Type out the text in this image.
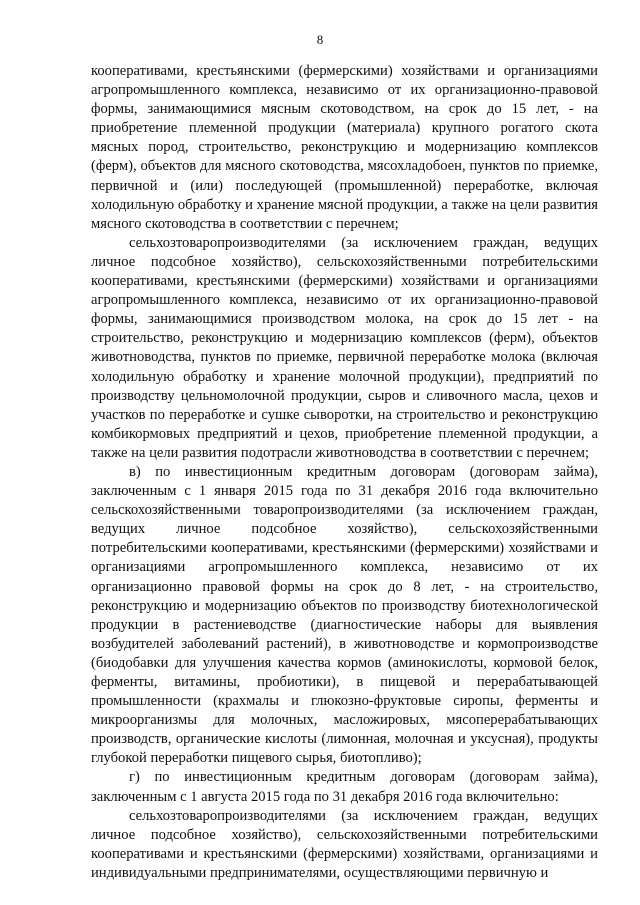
8

кооперативами, крестьянскими (фермерскими) хозяйствами и организациями агропромышленного комплекса, независимо от их организационно-правовой формы, занимающимися мясным скотоводством, на срок до 15 лет, - на приобретение племенной продукции (материала) крупного рогатого скота мясных пород, строительство, реконструкцию и модернизацию комплексов (ферм), объектов для мясного скотоводства, мясохладобоен, пунктов по приемке, первичной и (или) последующей (промышленной) переработке, включая холодильную обработку и хранение мясной продукции, а также на цели развития мясного скотоводства в соответствии с перечнем;

сельхозтоваропроизводителями (за исключением граждан, ведущих личное подсобное хозяйство), сельскохозяйственными потребительскими кооперативами, крестьянскими (фермерскими) хозяйствами и организациями агропромышленного комплекса, независимо от их организационно-правовой формы, занимающимися производством молока, на срок до 15 лет - на строительство, реконструкцию и модернизацию комплексов (ферм), объектов животноводства, пунктов по приемке, первичной переработке молока (включая холодильную обработку и хранение молочной продукции), предприятий по производству цельномолочной продукции, сыров и сливочного масла, цехов и участков по переработке и сушке сыворотки, на строительство и реконструкцию комбикормовых предприятий и цехов, приобретение племенной продукции, а также на цели развития подотрасли животноводства в соответствии с перечнем;

в) по инвестиционным кредитным договорам (договорам займа), заключенным с 1 января 2015 года по 31 декабря 2016 года включительно сельскохозяйственными товаропроизводителями (за исключением граждан, ведущих личное подсобное хозяйство), сельскохозяйственными потребительскими кооперативами, крестьянскими (фермерскими) хозяйствами и организациями агропромышленного комплекса, независимо от их организационно правовой формы на срок до 8 лет, - на строительство, реконструкцию и модернизацию объектов по производству биотехнологической продукции в растениеводстве (диагностические наборы для выявления возбудителей заболеваний растений), в животноводстве и кормопроизводстве (биодобавки для улучшения качества кормов (аминокислоты, кормовой белок, ферменты, витамины, пробиотики), в пищевой и перерабатывающей промышленности (крахмалы и глюкозно-фруктовые сиропы, ферменты и микроорганизмы для молочных, масложировых, мясоперерабатывающих производств, органические кислоты (лимонная, молочная и уксусная), продукты глубокой переработки пищевого сырья, биотопливо);

г) по инвестиционным кредитным договорам (договорам займа), заключенным с 1 августа 2015 года по 31 декабря 2016 года включительно:

сельхозтоваропроизводителями (за исключением граждан, ведущих личное подсобное хозяйство), сельскохозяйственными потребительскими кооперативами и крестьянскими (фермерскими) хозяйствами, организациями и индивидуальными предпринимателями, осуществляющими первичную и
